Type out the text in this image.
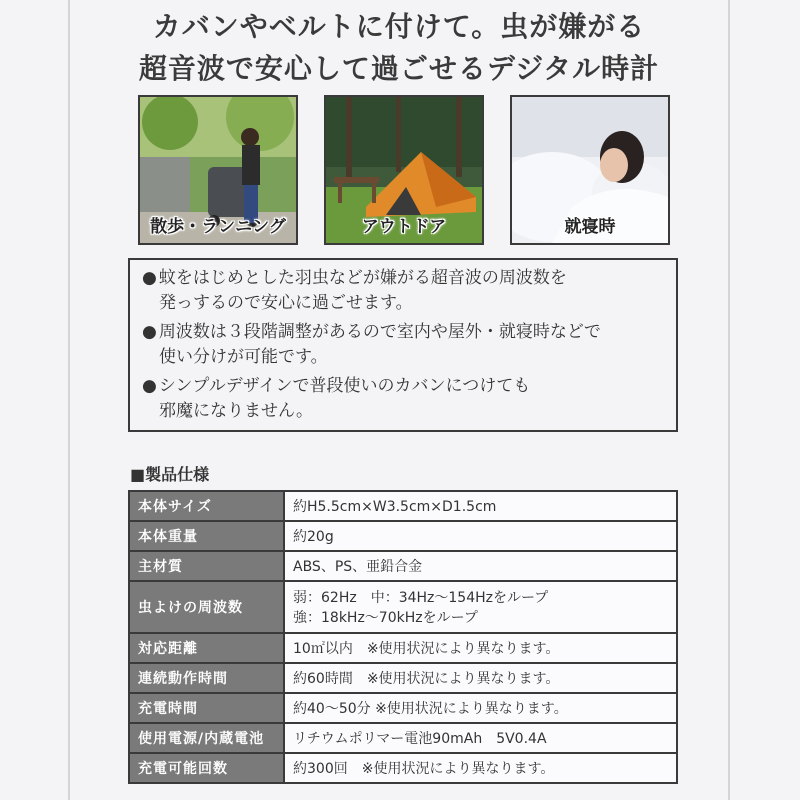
カバンやベルトに付けて。虫が嫌がる
超音波で安心して過ごせるデジタル時計
散歩・ランニング	アウトドア	就寝時
● 蚊をはじめとした羽虫などが嫌がる超音波の周波数を
発っするので安心に過ごせます。
● 周波数は３段階調整があるので室内や屋外・就寝時などで
使い分けが可能です。
● シンプルデザインで普段使いのカバンにつけても
邪魔になりません。
■製品仕様
本体サイズ	約H5.5cm×W3.5cm×D1.5cm
本体重量	約20g
主材質	ABS、PS、亜鉛合金
虫よけの周波数	弱：62Hz　中：34Hz〜154Hzをループ
強：18kHz〜70kHzをループ

対応距離	10㎡以内　※使用状況により異なります。
連続動作時間	約60時間　※使用状況により異なります。
充電時間	約40〜50分 ※使用状況により異なります。
使用電源/内蔵電池	リチウムポリマー電池90mAh　5V0.4A
充電可能回数	約300回　※使用状況により異なります。
